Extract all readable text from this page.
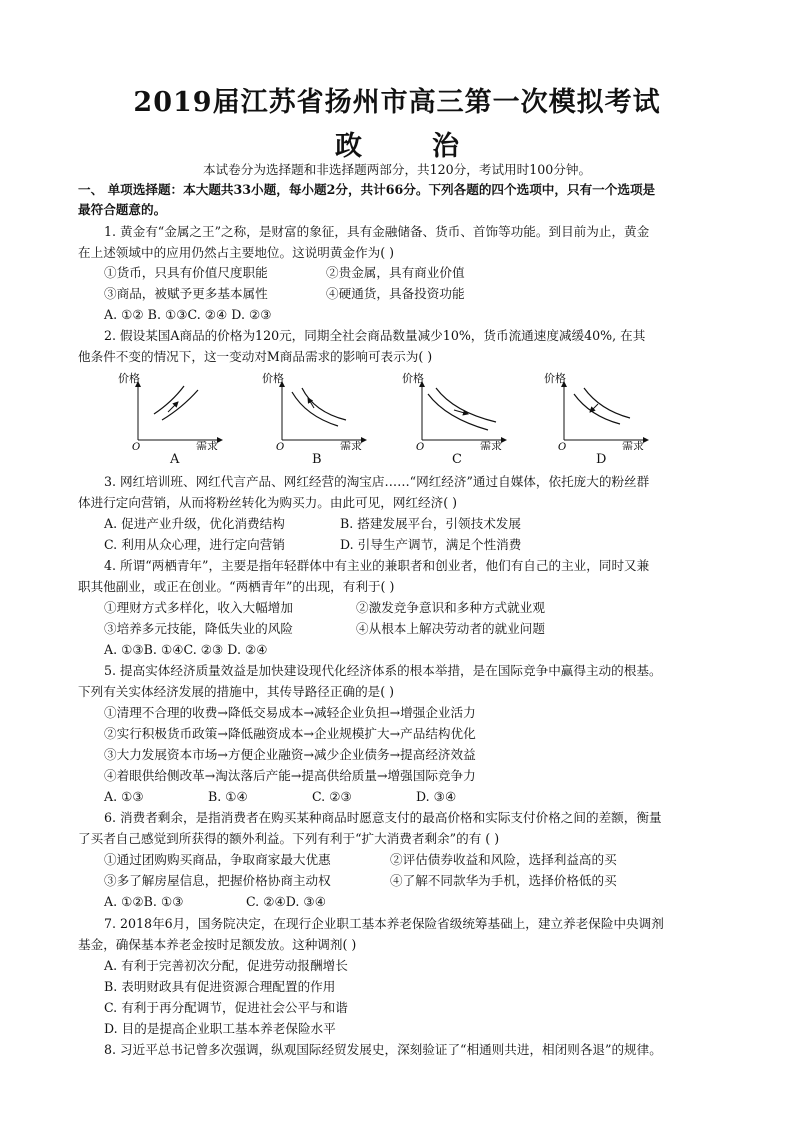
2019届江苏省扬州市高三第一次模拟考试
政	治
本试卷分为选择题和非选择题两部分，共120分，考试用时100分钟。
一、 单项选择题：本大题共33小题，每小题2分，共计66分。下列各题的四个选项中，只有一个选项是
最符合题意的。
1. 黄金有“金属之王”之称，是财富的象征，具有金融储备、货币、首饰等功能。到目前为止，黄金
在上述领域中的应用仍然占主要地位。这说明黄金作为( )
①货币，只具有价值尺度职能	②贵金属，具有商业价值
③商品，被赋予更多基本属性	④硬通货，具备投资功能
A. ①② B. ①③C. ②④ D. ②③
2. 假设某国A商品的价格为120元，同期全社会商品数量减少10%，货币流通速度减缓40%, 在其
他条件不变的情况下，这一变动对M商品需求的影响可表示为( )
价格
O	需求
A
价格
O	需求
B
价格
O	需求
C
价格
O	需求
D
3. 网红培训班、网红代言产品、网红经营的淘宝店……“网红经济”通过自媒体，依托庞大的粉丝群
体进行定向营销，从而将粉丝转化为购买力。由此可见，网红经济( )
A. 促进产业升级，优化消费结构	B. 搭建发展平台，引领技术发展
C. 利用从众心理，进行定向营销	D. 引导生产调节，满足个性消费
4. 所谓“两栖青年”，主要是指年轻群体中有主业的兼职者和创业者，他们有自己的主业，同时又兼
职其他副业，或正在创业。“两栖青年”的出现，有利于( )
①理财方式多样化，收入大幅增加	②激发竞争意识和多种方式就业观
③培养多元技能，降低失业的风险	④从根本上解决劳动者的就业问题
A. ①③B. ①④C. ②③ D. ②④
5. 提高实体经济质量效益是加快建设现代化经济体系的根本举措，是在国际竞争中赢得主动的根基。
下列有关实体经济发展的措施中，其传导路径正确的是( )
①清理不合理的收费→降低交易成本→减轻企业负担→增强企业活力
②实行积极货币政策→降低融资成本→企业规模扩大→产品结构优化
③大力发展资本市场→方便企业融资→减少企业债务→提高经济效益
④着眼供给侧改革→淘汰落后产能→提高供给质量→增强国际竞争力
A. ①③	B. ①④	C. ②③	D. ③④
6. 消费者剩余，是指消费者在购买某种商品时愿意支付的最高价格和实际支付价格之间的差额，衡量
了买者自己感觉到所获得的额外利益。下列有利于“扩大消费者剩余”的有 ( )
①通过团购购买商品，争取商家最大优惠	②评估债券收益和风险，选择利益高的买
③多了解房屋信息，把握价格协商主动权	④了解不同款华为手机，选择价格低的买
A. ①②B. ①③	C. ②④D. ③④
7. 2018年6月，国务院决定，在现行企业职工基本养老保险省级统筹基础上，建立养老保险中央调剂
基金，确保基本养老金按时足额发放。这种调剂( )
A. 有利于完善初次分配，促进劳动报酬增长
B. 表明财政具有促进资源合理配置的作用
C. 有利于再分配调节，促进社会公平与和谐
D. 目的是提高企业职工基本养老保险水平
8. 习近平总书记曾多次强调，纵观国际经贸发展史，深刻验证了“相通则共进，相闭则各退”的规律。
